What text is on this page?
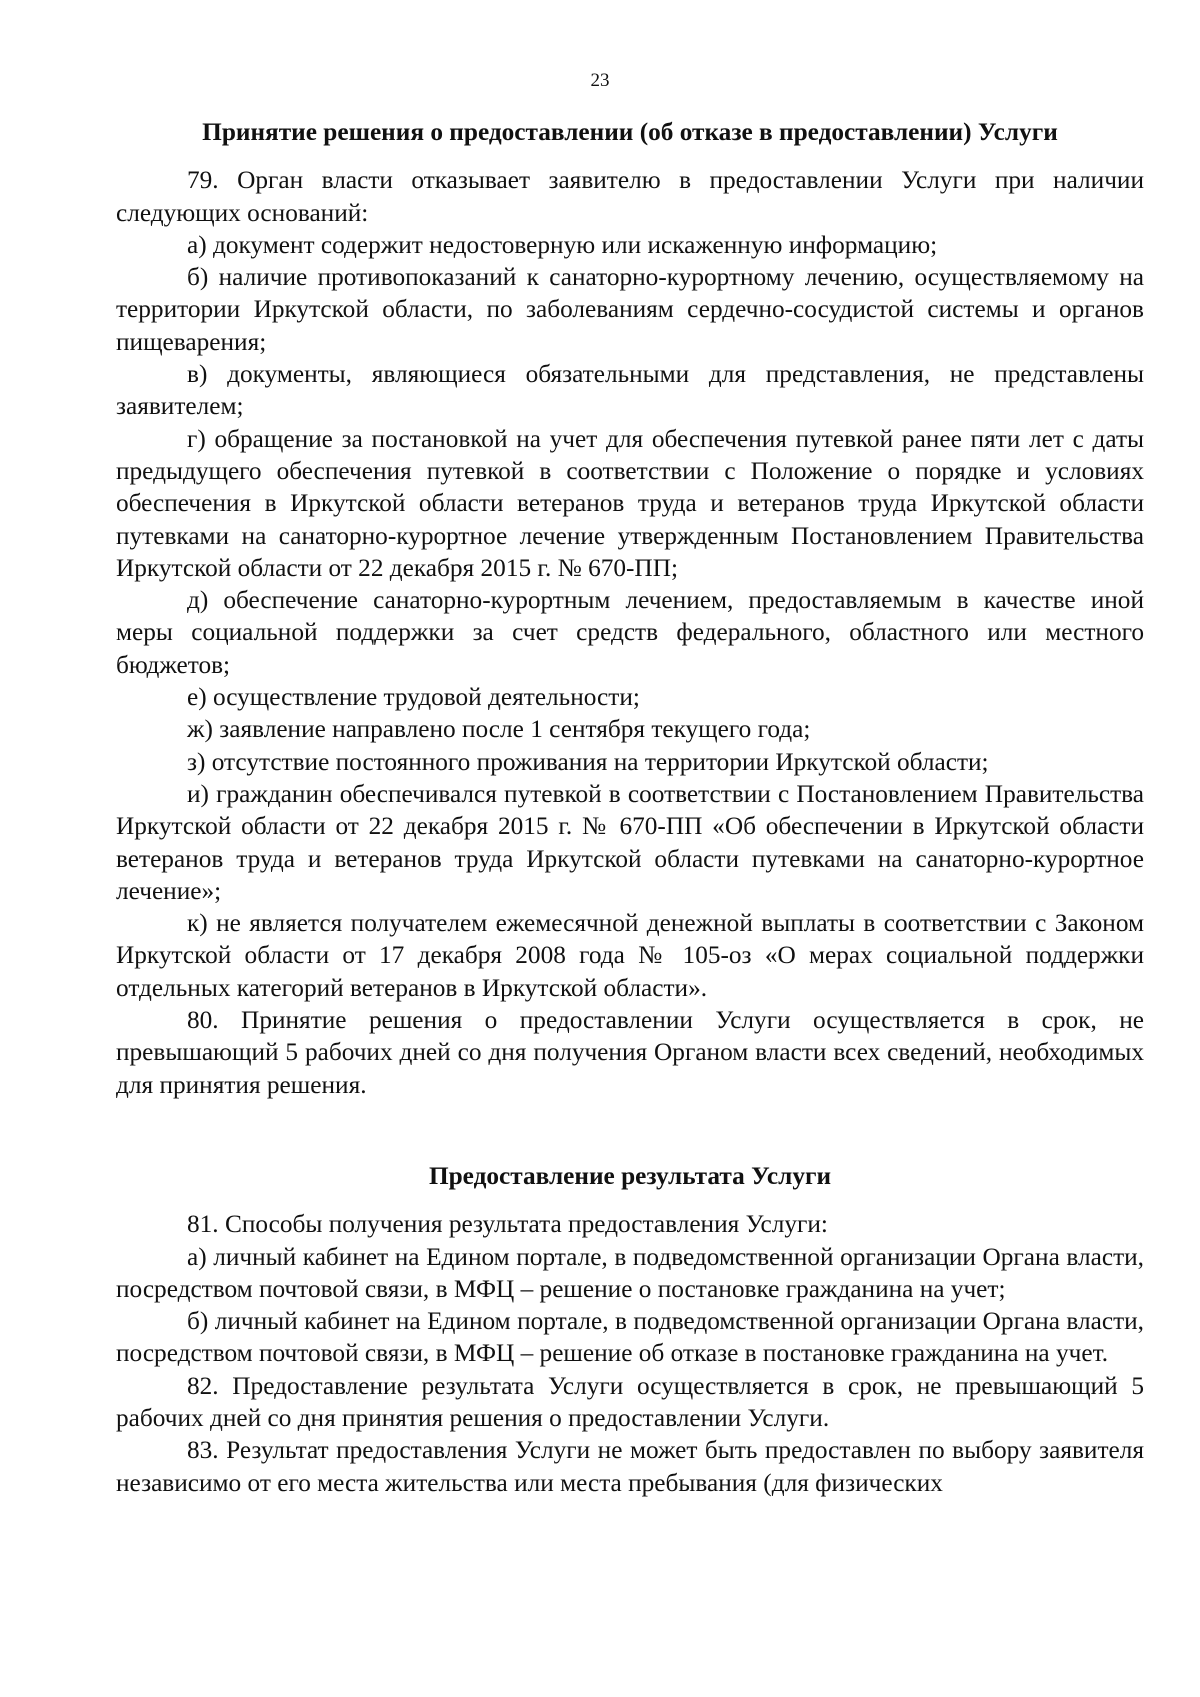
23

Принятие решения о предоставлении (об отказе в предоставлении) Услуги

79. Орган власти отказывает заявителю в предоставлении Услуги при наличии следующих оснований:

а) документ содержит недостоверную или искаженную информацию;

б) наличие противопоказаний к санаторно-курортному лечению, осуществляемому на территории Иркутской области, по заболеваниям сердечно-сосудистой системы и органов пищеварения;

в) документы, являющиеся обязательными для представления, не представлены заявителем;

г) обращение за постановкой на учет для обеспечения путевкой ранее пяти лет с даты предыдущего обеспечения путевкой в соответствии с Положение о порядке и условиях обеспечения в Иркутской области ветеранов труда и ветеранов труда Иркутской области путевками на санаторно-курортное лечение утвержденным Постановлением Правительства Иркутской области от 22 декабря 2015 г. № 670-ПП;

д) обеспечение санаторно-курортным лечением, предоставляемым в качестве иной меры социальной поддержки за счет средств федерального, областного или местного бюджетов;

е) осуществление трудовой деятельности;

ж) заявление направлено после 1 сентября текущего года;

з) отсутствие постоянного проживания на территории Иркутской области;

и) гражданин обеспечивался путевкой в соответствии с Постановлением Правительства Иркутской области от 22 декабря 2015 г. № 670-ПП «Об обеспечении в Иркутской области ветеранов труда и ветеранов труда Иркутской области путевками на санаторно-курортное лечение»;

к) не является получателем ежемесячной денежной выплаты в соответствии с Законом Иркутской области от 17 декабря 2008 года № 105-оз «О мерах социальной поддержки отдельных категорий ветеранов в Иркутской области».

80. Принятие решения о предоставлении Услуги осуществляется в срок, не превышающий 5 рабочих дней со дня получения Органом власти всех сведений, необходимых для принятия решения.

Предоставление результата Услуги

81. Способы получения результата предоставления Услуги:

а) личный кабинет на Едином портале, в подведомственной организации Органа власти, посредством почтовой связи, в МФЦ – решение о постановке гражданина на учет;

б) личный кабинет на Едином портале, в подведомственной организации Органа власти, посредством почтовой связи, в МФЦ – решение об отказе в постановке гражданина на учет.

82. Предоставление результата Услуги осуществляется в срок, не превышающий 5 рабочих дней со дня принятия решения о предоставлении Услуги.

83. Результат предоставления Услуги не может быть предоставлен по выбору заявителя независимо от его места жительства или места пребывания (для физических
